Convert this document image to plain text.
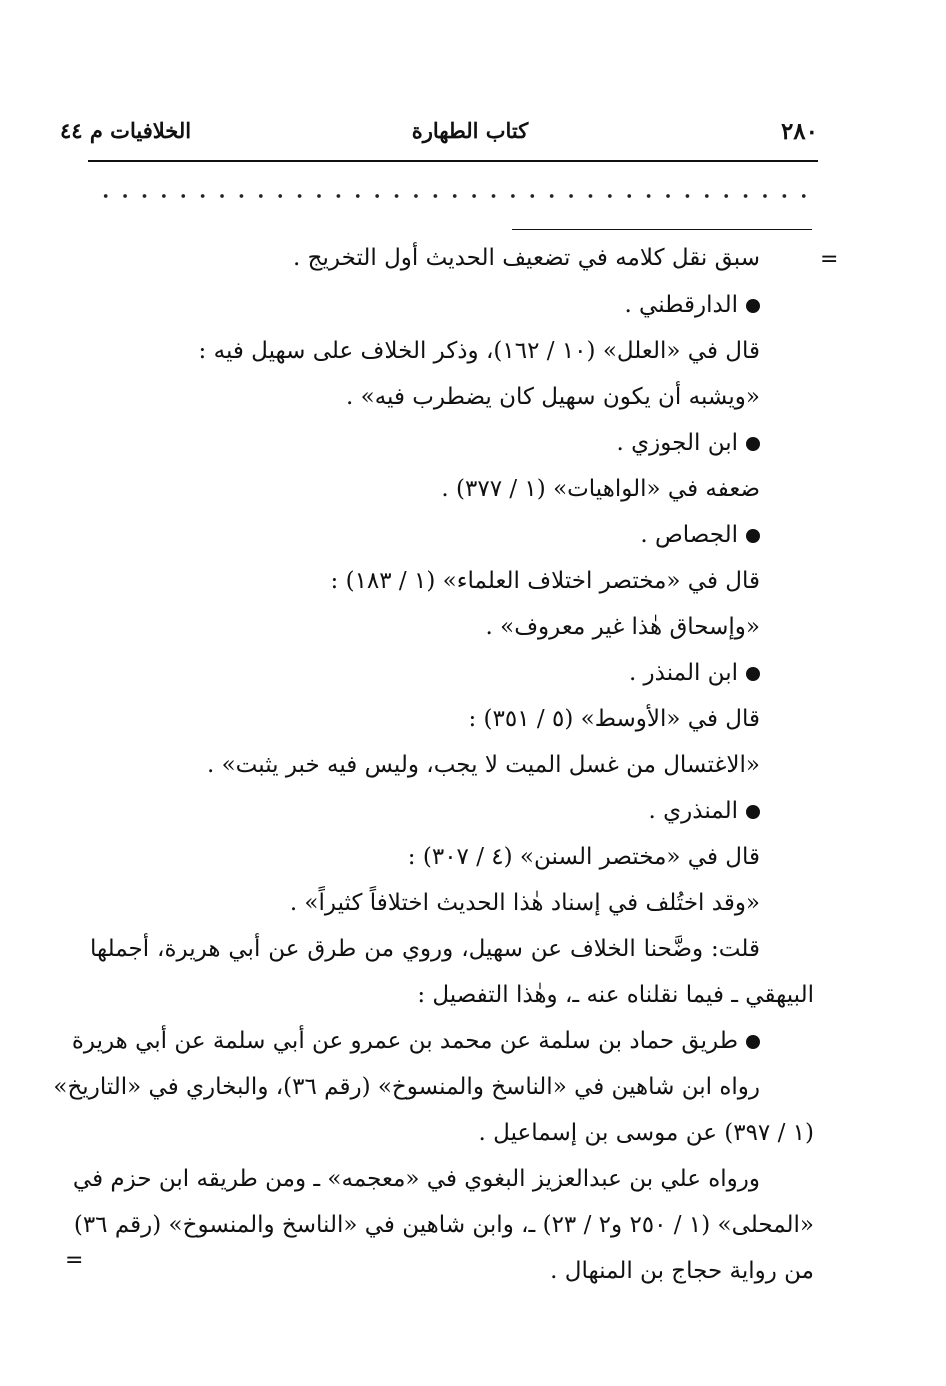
٢٨٠
كتاب الطهارة
الخلافيات م ٤٤
=
سبق نقل كلامه في تضعيف الحديث أول التخريج .
الدارقطني .
قال في «العلل» (١٠ / ١٦٢)، وذكر الخلاف على سهيل فيه :
«ويشبه أن يكون سهيل كان يضطرب فيه» .
ابن الجوزي .
ضعفه في «الواهيات» (١ / ٣٧٧) .
الجصاص .
قال في «مختصر اختلاف العلماء» (١ / ١٨٣) :
«وإسحاق هٰذا غير معروف» .
ابن المنذر .
قال في «الأوسط» (٥ / ٣٥١) :
«الاغتسال من غسل الميت لا يجب، وليس فيه خبر يثبت» .
المنذري .
قال في «مختصر السنن» (٤ / ٣٠٧) :
«وقد اختُلف في إسناد هٰذا الحديث اختلافاً كثيراً» .
قلت: وضَّحنا الخلاف عن سهيل، وروي من طرق عن أبي هريرة، أجملها
البيهقي ـ فيما نقلناه عنه ـ، وهٰذا التفصيل :
طريق حماد بن سلمة عن محمد بن عمرو عن أبي سلمة عن أبي هريرة
رواه ابن شاهين في «الناسخ والمنسوخ» (رقم ٣٦)، والبخاري في «التاريخ»
(١ / ٣٩٧) عن موسى بن إسماعيل .
ورواه علي بن عبدالعزيز البغوي في «معجمه» ـ ومن طريقه ابن حزم في
«المحلى» (١ / ٢٥٠ و٢ / ٢٣) ـ، وابن شاهين في «الناسخ والمنسوخ» (رقم ٣٦)
من رواية حجاج بن المنهال .
=
